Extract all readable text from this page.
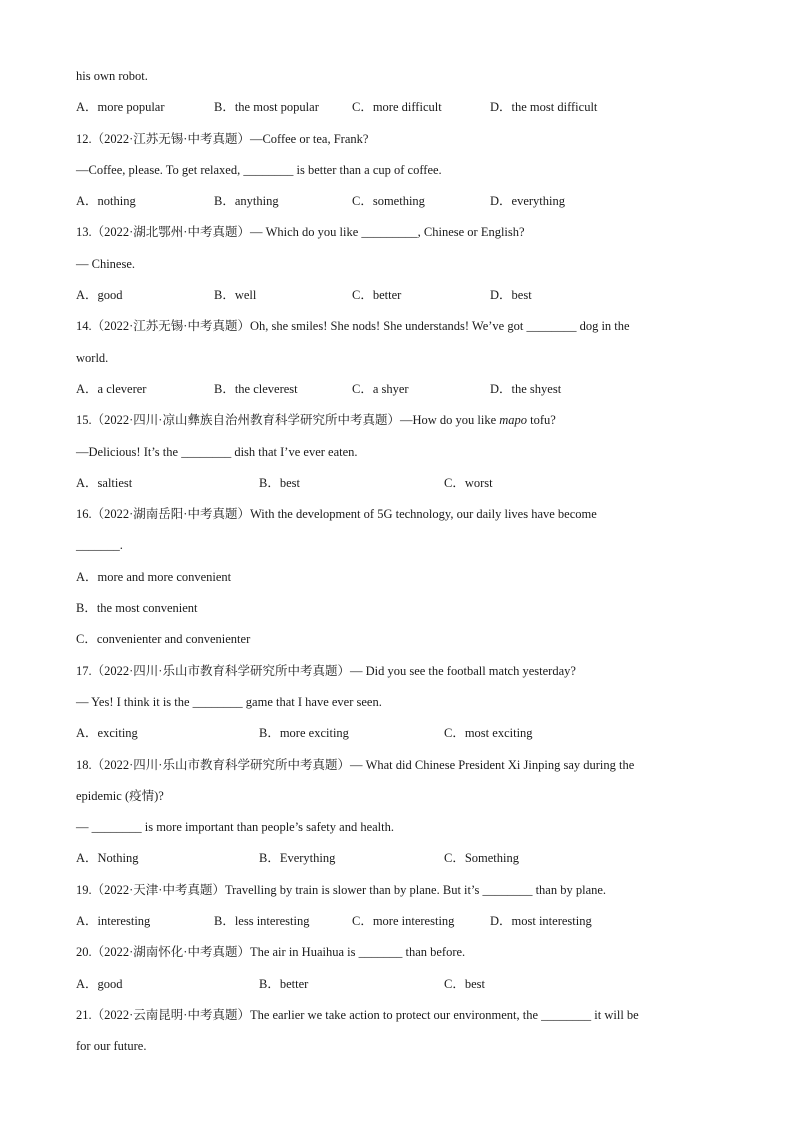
his own robot.
A．more popular	B．the most popular	C．more difficult	D．the most difficult
12.（2022·江苏无锡·中考真题）—Coffee or tea, Frank?
—Coffee, please. To get relaxed, ________ is better than a cup of coffee.
A．nothing	B．anything	C．something	D．everything
13.（2022·湖北鄂州·中考真题）— Which do you like _________, Chinese or English?
— Chinese.
A．good	B．well	C．better	D．best
14.（2022·江苏无锡·中考真题）Oh, she smiles! She nods! She understands! We’ve got ________ dog in the
world.
A．a cleverer	B．the cleverest	C．a shyer	D．the shyest
15.（2022·四川·凉山彝族自治州教育科学研究所中考真题）—How do you like mapo tofu?
—Delicious! It’s the ________ dish that I’ve ever eaten.
A．saltiest	B．best	C．worst
16.（2022·湖南岳阳·中考真题）With the development of 5G technology, our daily lives have become
_______.
A．more and more convenient
B．the most convenient
C．convenienter and convenienter
17.（2022·四川·乐山市教育科学研究所中考真题）— Did you see the football match yesterday?
— Yes! I think it is the ________ game that I have ever seen.
A．exciting	B．more exciting	C．most exciting
18.（2022·四川·乐山市教育科学研究所中考真题）— What did Chinese President Xi Jinping say during the
epidemic (疫情)?
— ________ is more important than people’s safety and health.
A．Nothing	B．Everything	C．Something
19.（2022·天津·中考真题）Travelling by train is slower than by plane. But it’s ________ than by plane.
A．interesting	B．less interesting	C．more interesting	D．most interesting
20.（2022·湖南怀化·中考真题）The air in Huaihua is _______ than before.
A．good	B．better	C．best
21.（2022·云南昆明·中考真题）The earlier we take action to protect our environment, the ________ it will be
for our future.
